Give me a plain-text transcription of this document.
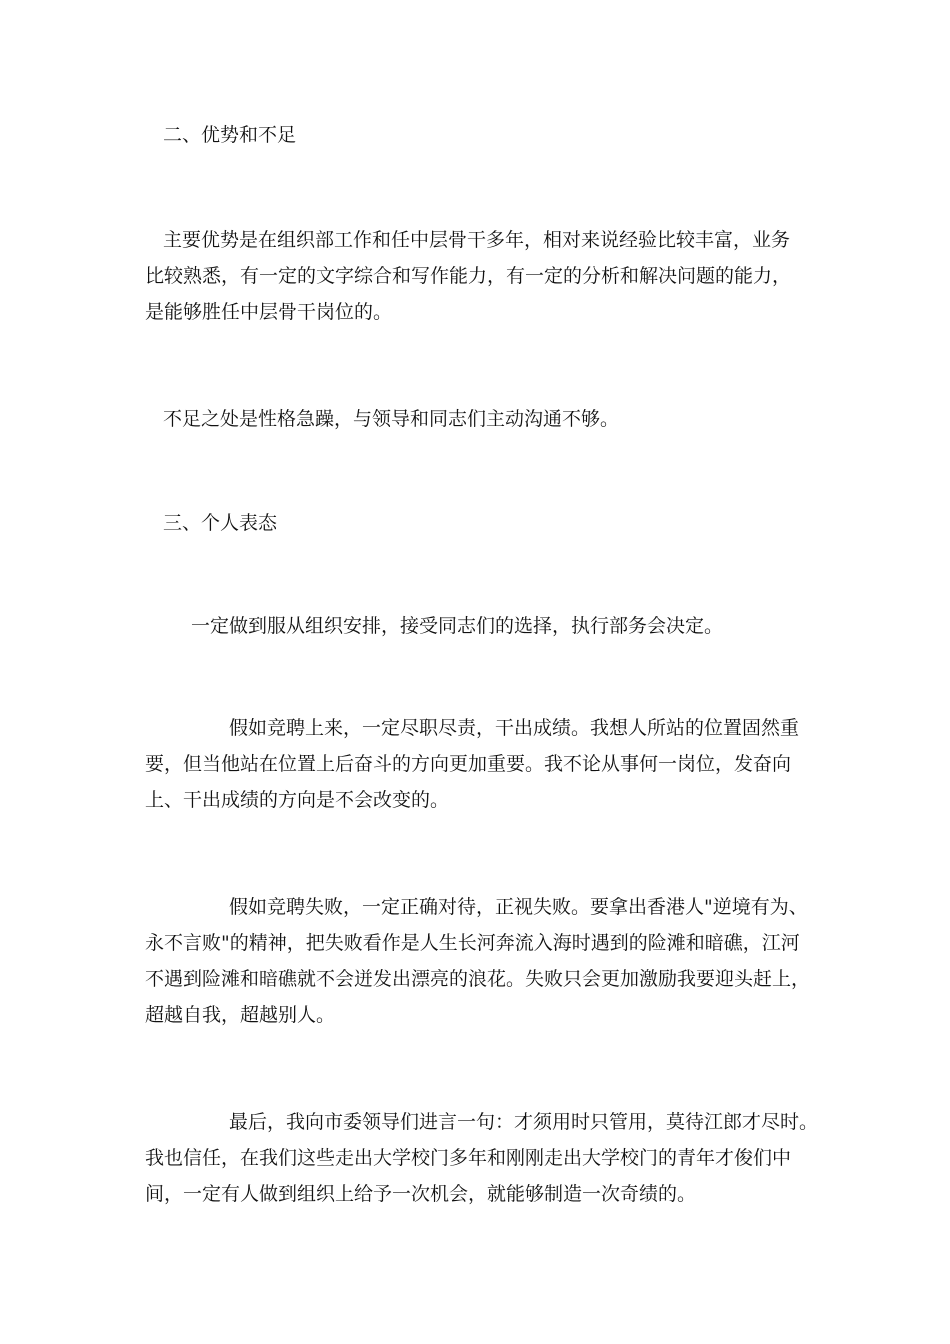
二、优势和不足

主要优势是在组织部工作和任中层骨干多年，相对来说经验比较丰富，业务
比较熟悉，有一定的文字综合和写作能力，有一定的分析和解决问题的能力，
是能够胜任中层骨干岗位的。

不足之处是性格急躁，与领导和同志们主动沟通不够。

三、个人表态

一定做到服从组织安排，接受同志们的选择，执行部务会决定。

假如竞聘上来，一定尽职尽责，干出成绩。我想人所站的位置固然重
要，但当他站在位置上后奋斗的方向更加重要。我不论从事何一岗位，发奋向
上、干出成绩的方向是不会改变的。

假如竞聘失败，一定正确对待，正视失败。要拿出香港人"逆境有为、
永不言败"的精神，把失败看作是人生长河奔流入海时遇到的险滩和暗礁，江河
不遇到险滩和暗礁就不会迸发出漂亮的浪花。失败只会更加激励我要迎头赶上，
超越自我，超越别人。

最后，我向市委领导们进言一句：才须用时只管用，莫待江郎才尽时。
我也信任，在我们这些走出大学校门多年和刚刚走出大学校门的青年才俊们中
间，一定有人做到组织上给予一次机会，就能够制造一次奇绩的。
